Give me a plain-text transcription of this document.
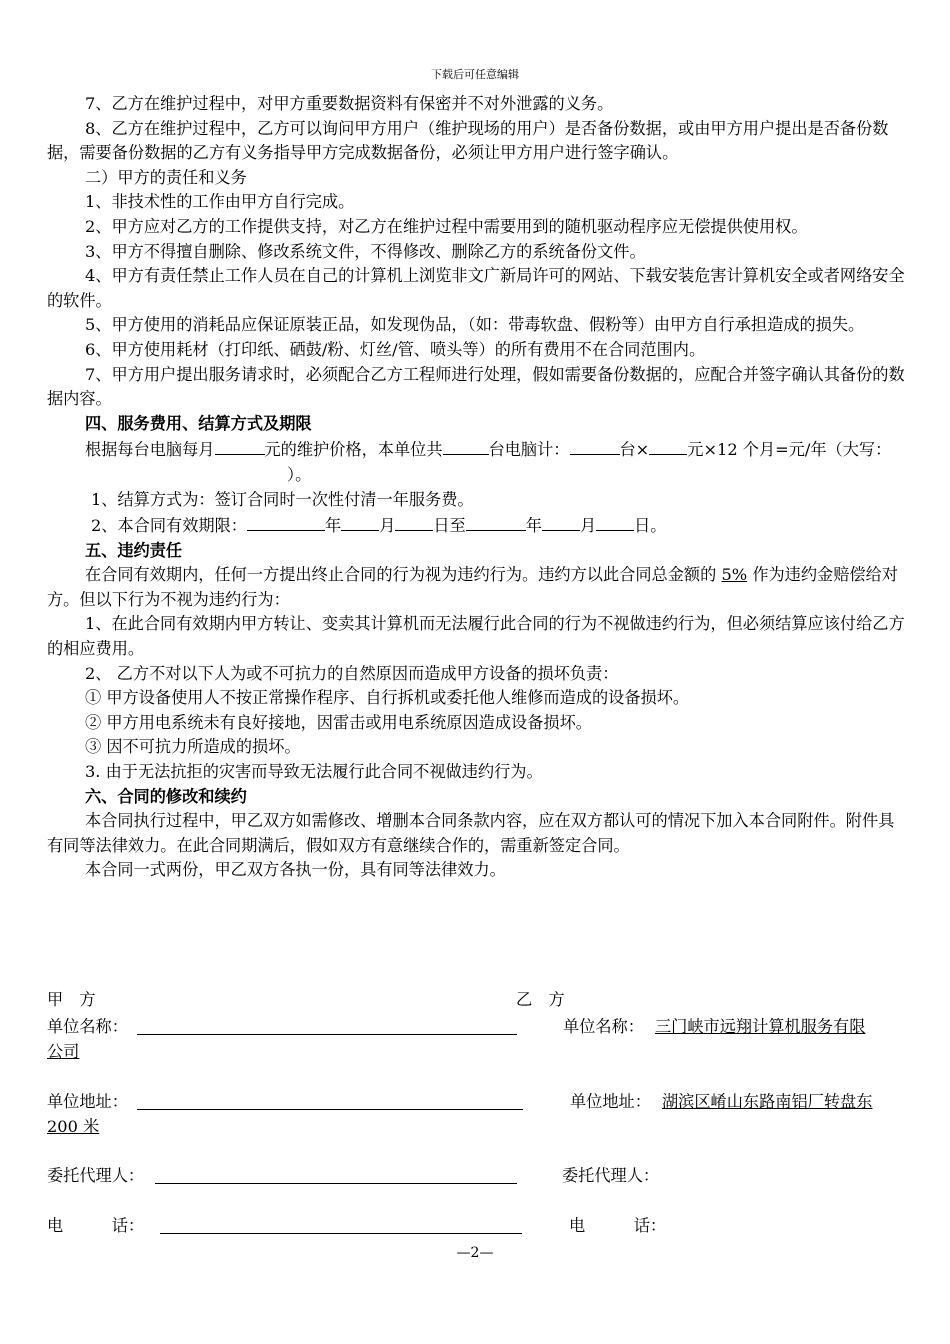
下载后可任意编辑

7、乙方在维护过程中，对甲方重要数据资料有保密并不对外泄露的义务。

8、乙方在维护过程中，乙方可以询问甲方用户（维护现场的用户）是否备份数据，或由甲方用户提出是否备份数据，需要备份数据的乙方有义务指导甲方完成数据备份，必须让甲方用户进行签字确认。

二）甲方的责任和义务

1、非技术性的工作由甲方自行完成。

2、甲方应对乙方的工作提供支持，对乙方在维护过程中需要用到的随机驱动程序应无偿提供使用权。

3、甲方不得擅自删除、修改系统文件，不得修改、删除乙方的系统备份文件。

4、甲方有责任禁止工作人员在自己的计算机上浏览非文广新局许可的网站、下载安装危害计算机安全或者网络安全的软件。

5、甲方使用的消耗品应保证原装正品，如发现伪品，（如：带毒软盘、假粉等）由甲方自行承担造成的损失。

6、甲方使用耗材（打印纸、硒鼓/粉、灯丝/管、喷头等）的所有费用不在合同范围内。

7、甲方用户提出服务请求时，必须配合乙方工程师进行处理，假如需要备份数据的，应配合并签字确认其备份的数据内容。

四、服务费用、结算方式及期限

根据每台电脑每月	元的维护价格，本单位共	台电脑计：	台× 元×12 个月=元/年（大写：）。

1、结算方式为：签订合同时一次性付清一年服务费。

2、本合同有效期限：	年 月 日至	年 月 日。

五、违约责任

在合同有效期内，任何一方提出终止合同的行为视为违约行为。违约方以此合同总金额的 5% 作为违约金赔偿给对方。但以下行为不视为违约行为：

1、在此合同有效期内甲方转让、变卖其计算机而无法履行此合同的行为不视做违约行为，但必须结算应该付给乙方的相应费用。

2、 乙方不对以下人为或不可抗力的自然原因而造成甲方设备的损坏负责：

① 甲方设备使用人不按正常操作程序、自行拆机或委托他人维修而造成的设备损坏。

② 甲方用电系统未有良好接地，因雷击或用电系统原因造成设备损坏。

③ 因不可抗力所造成的损坏。

3. 由于无法抗拒的灾害而导致无法履行此合同不视做违约行为。

六、合同的修改和续约

本合同执行过程中，甲乙双方如需修改、增删本合同条款内容，应在双方都认可的情况下加入本合同附件。附件具有同等法律效力。在此合同期满后，假如双方有意继续合作的，需重新签定合同。

本合同一式两份，甲乙双方各执一份，具有同等法律效力。

甲　方	乙　方
单位名称：	单位名称： 三门峡市远翔计算机服务有限
公司
单位地址：	单位地址： 湖滨区崤山东路南铝厂转盘东
200 米
委托代理人：	委托代理人：
电　　　话：	电　　　话：
—2—
